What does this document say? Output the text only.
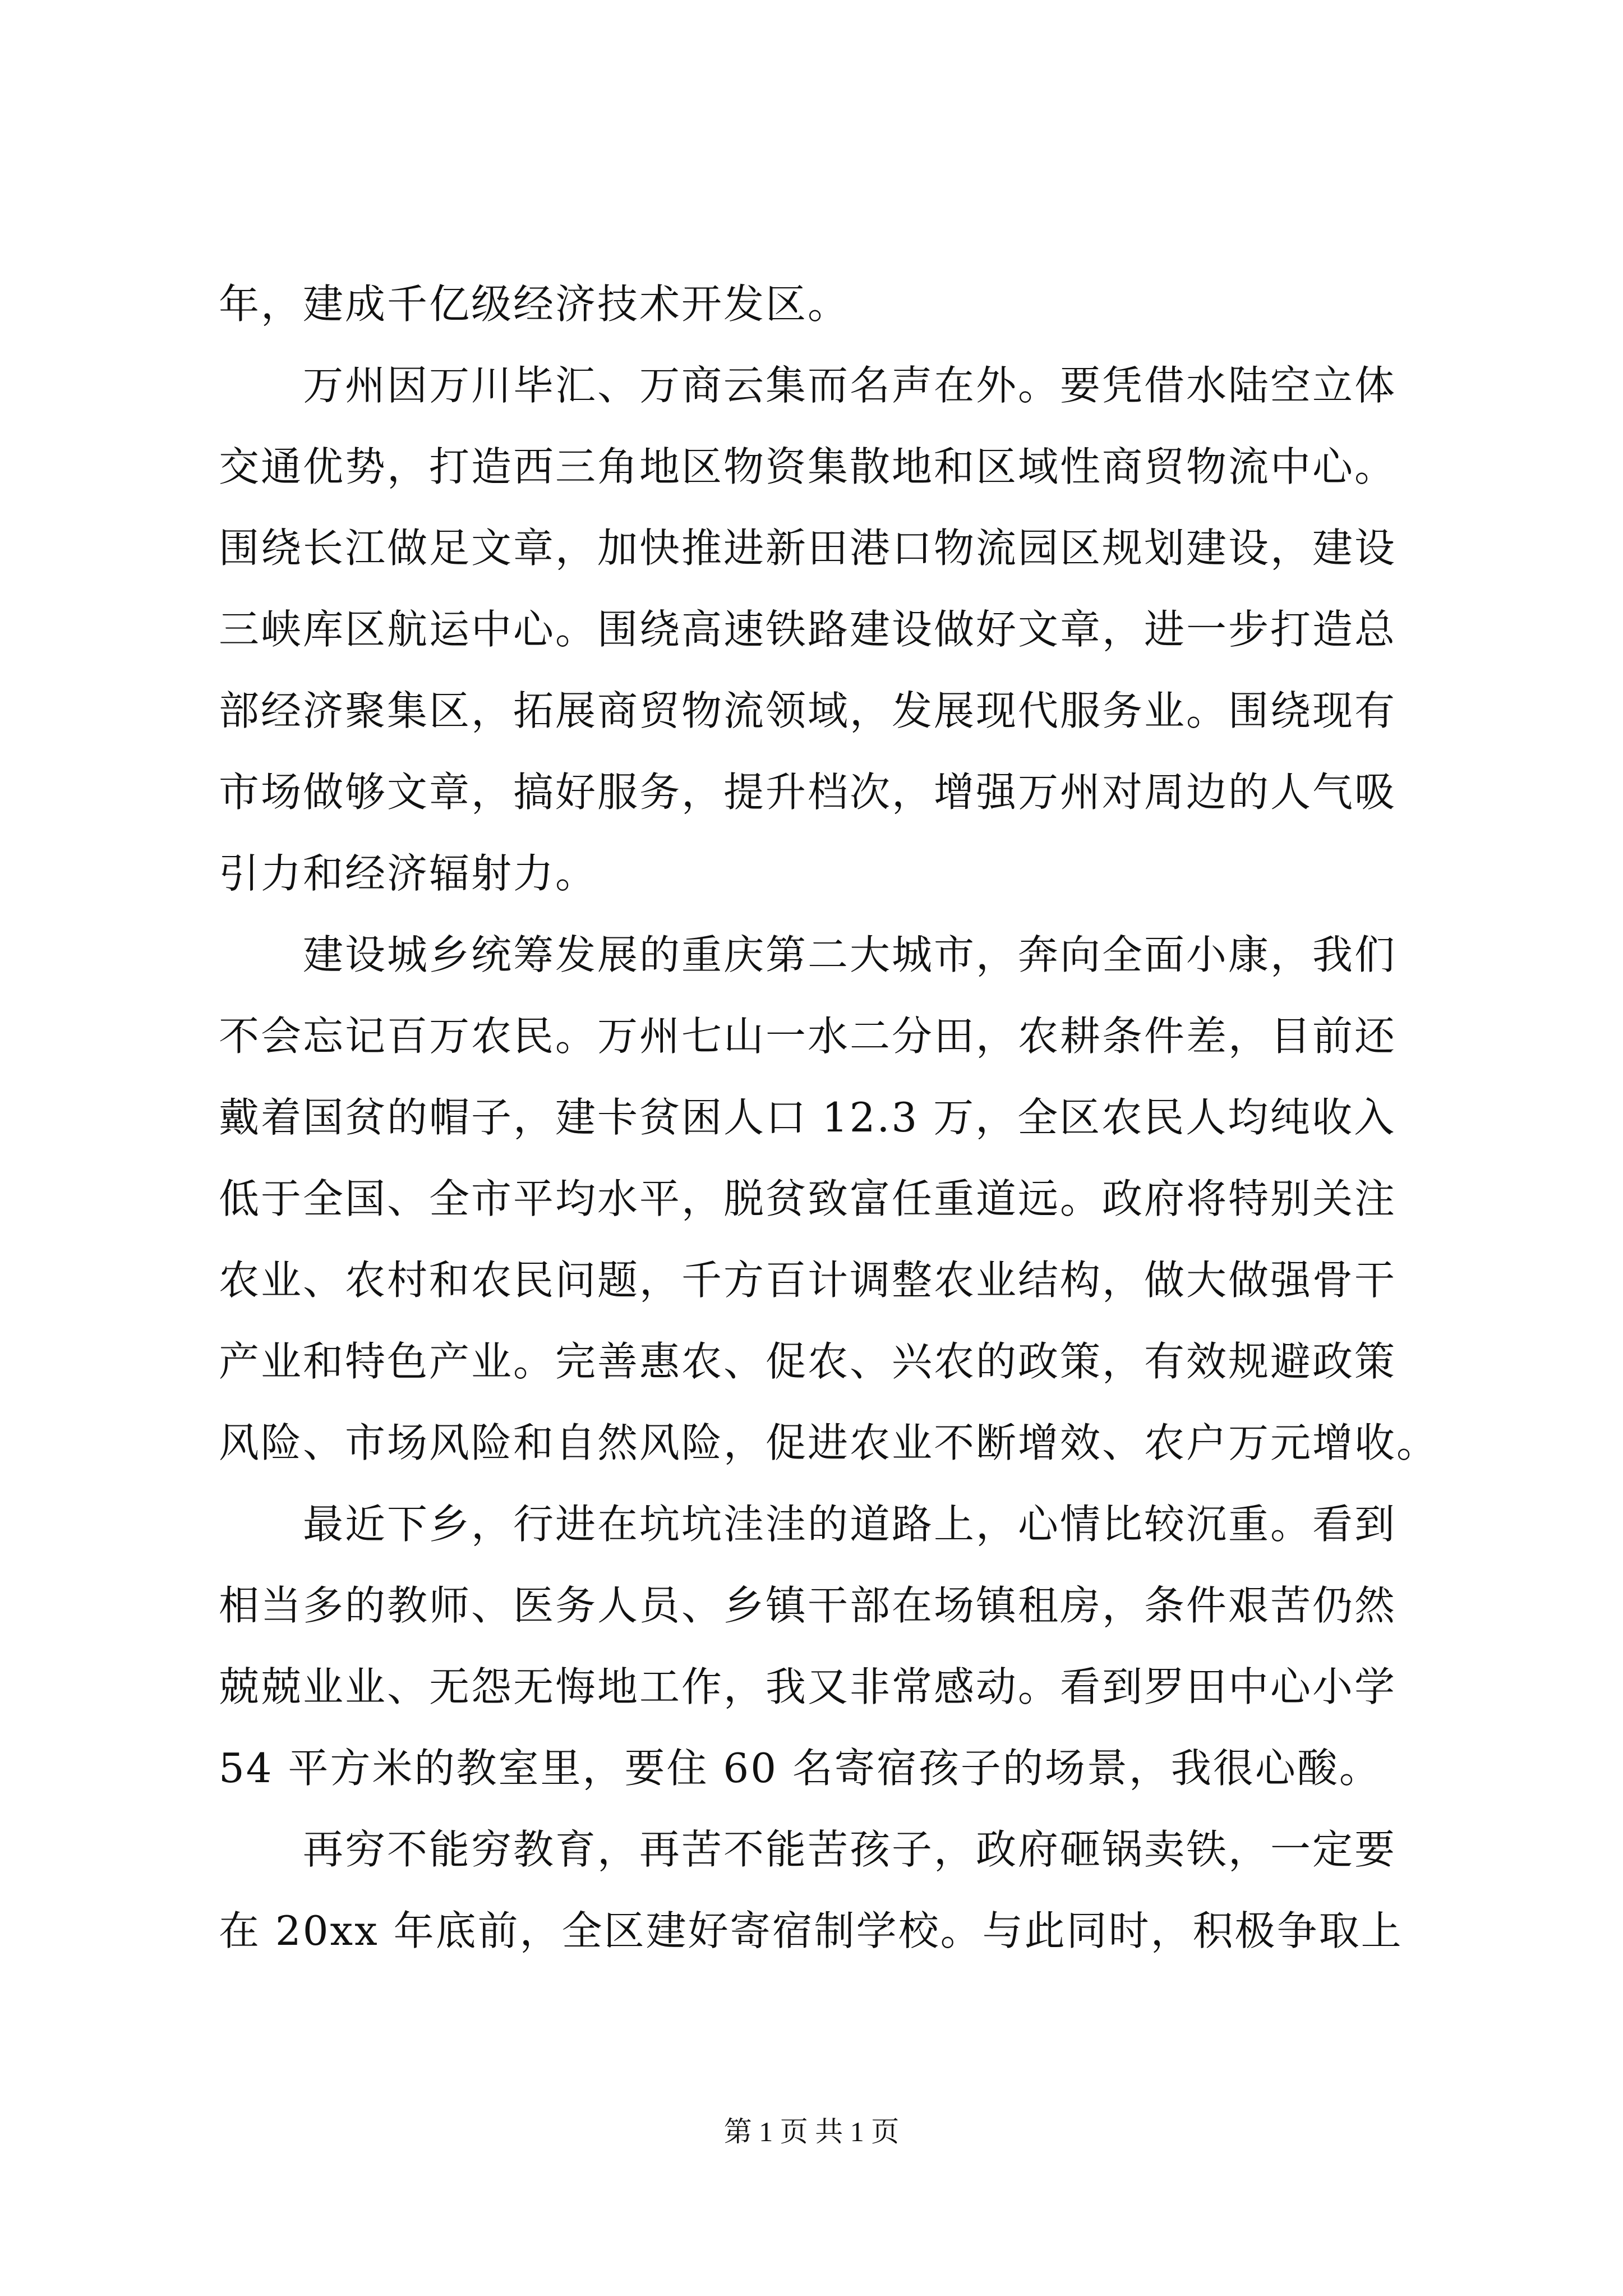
年，建成千亿级经济技术开发区。
万州因万川毕汇、万商云集而名声在外。要凭借水陆空立体
交通优势，打造西三角地区物资集散地和区域性商贸物流中心。
围绕长江做足文章，加快推进新田港口物流园区规划建设，建设
三峡库区航运中心。围绕高速铁路建设做好文章，进一步打造总
部经济聚集区，拓展商贸物流领域，发展现代服务业。围绕现有
市场做够文章，搞好服务，提升档次，增强万州对周边的人气吸
引力和经济辐射力。
建设城乡统筹发展的重庆第二大城市，奔向全面小康，我们
不会忘记百万农民。万州七山一水二分田，农耕条件差，目前还
戴着国贫的帽子，建卡贫困人口 12.3 万，全区农民人均纯收入
低于全国、全市平均水平，脱贫致富任重道远。政府将特别关注
农业、农村和农民问题，千方百计调整农业结构，做大做强骨干
产业和特色产业。完善惠农、促农、兴农的政策，有效规避政策
风险、市场风险和自然风险，促进农业不断增效、农户万元增收。
最近下乡，行进在坑坑洼洼的道路上，心情比较沉重。看到
相当多的教师、医务人员、乡镇干部在场镇租房，条件艰苦仍然
兢兢业业、无怨无悔地工作，我又非常感动。看到罗田中心小学
54 平方米的教室里，要住 60 名寄宿孩子的场景，我很心酸。
再穷不能穷教育，再苦不能苦孩子，政府砸锅卖铁，一定要
在 20xx 年底前，全区建好寄宿制学校。与此同时，积极争取上
第 1 页 共 1 页
